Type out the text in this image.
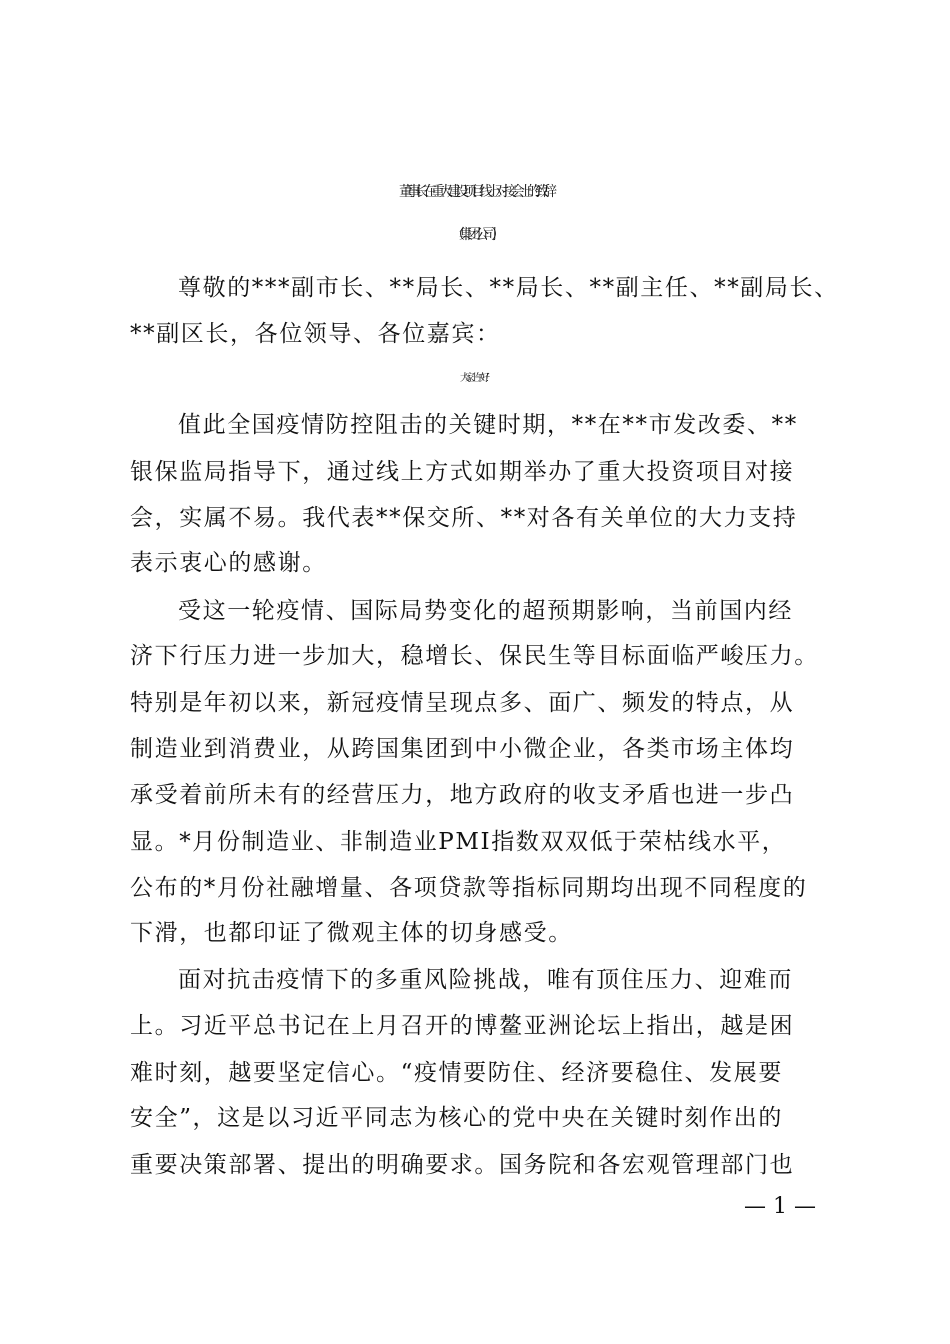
董事长在重大建设项目线上对接会上的致辞
（集团公司）
尊敬的***副市长、**局长、**局长、**副主任、**副局长、
**副区长，各位领导、各位嘉宾：
大家上午好！
值此全国疫情防控阻击的关键时期，**在**市发改委、**
银保监局指导下，通过线上方式如期举办了重大投资项目对接
会，实属不易。我代表**保交所、**对各有关单位的大力支持
表示衷心的感谢。
受这一轮疫情、国际局势变化的超预期影响，当前国内经
济下行压力进一步加大，稳增长、保民生等目标面临严峻压力。
特别是年初以来，新冠疫情呈现点多、面广、频发的特点，从
制造业到消费业，从跨国集团到中小微企业，各类市场主体均
承受着前所未有的经营压力，地方政府的收支矛盾也进一步凸
显。*月份制造业、非制造业PMI指数双双低于荣枯线水平，
公布的*月份社融增量、各项贷款等指标同期均出现不同程度的
下滑，也都印证了微观主体的切身感受。
面对抗击疫情下的多重风险挑战，唯有顶住压力、迎难而
上。习近平总书记在上月召开的博鳌亚洲论坛上指出，越是困
难时刻，越要坚定信心。“疫情要防住、经济要稳住、发展要
安全”，这是以习近平同志为核心的党中央在关键时刻作出的
重要决策部署、提出的明确要求。国务院和各宏观管理部门也
— 1 —
